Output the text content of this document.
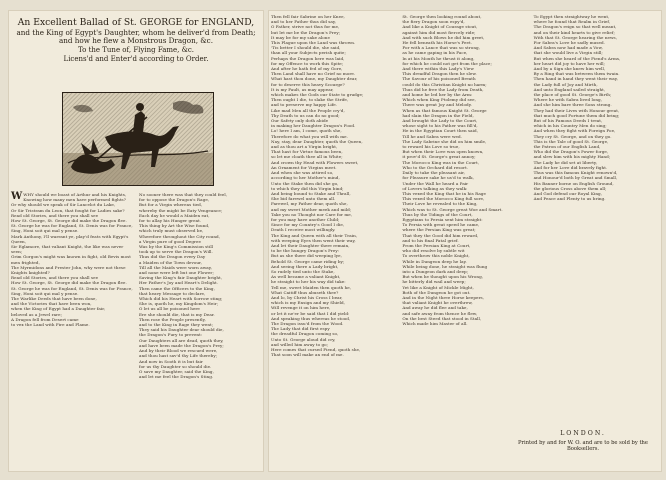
An Excellent Ballad of St. GEORGE for ENGLAND,
and the King of Egypt's Daughter, whom he deliver'd from Death;
and how he flew a Monstrous Dragon, &c.
To the Tune of, Flying Fame, &c.
Licens'd and Enter'd according to Order.
W WHY should we boast of Arthur and his Knights,
Knowing how many men have performed fights?
Or why should we speak of Sir Lancelot du Lake,
Or Sir Tristram du Leon, that fought for Ladies sake?
Read old Stories, and there you shall see
How St. George, St. George did make the Dragon flee.
St. George he was for England, St. Denis was for France,
Sing, Honi soit qui mal y pense.
Mark Anthony, I'll warrant ye, play'd feats with Egypt's Queen,
Sir Eglamore, that valiant Knight, the like was never seen;
Grim Gorgon's might was known in fight, old Bevis most men frighted,
The Myrmidons and Prester John, why were not these Knights knighted?
Read old Stories, and there you shall see
How St. George, St. George did make the Dragon flee.
St. George he was for England, St. Denis was for France,
Sing, Honi soit qui mal y pense.
The Warlike Deeds that have been done,
and the Victories that have been won,
when the King of Egypt had a Daughter fair,
beloved as a Jewel rare;
A Dragon fell from Desert came
to vex the Land with Fire and Flame.
No sooner there was that they could feel,
for to oppose the Dragon's Rage,
But for a Virgin whereas tied,
whereby the might be Eaty Vengeance;
Each day he would a Maiden eat,
for to allay his Hunger great.
This thing by Art the Wise found,
which truly must observed be,
Wherefore throughout the City round,
a Virgin pure of good Degree
Was by the King's Commission still
took up to serve the Dragon's Will.
Thus did the Dragon every Day
a Maiden of the Town devour,
Till all the Maids were worn away,
and none were left but one Flower;
Saving the King's fair Daughter bright,
Her Father's Joy and Heart's Delight.
Then came the Officers to the King,
that heavy Message to declare,
Which did his Heart with Sorrow sting;
She is, quoth he, my Kingdom's Heir;
O let us all be poisoned here
Ere she should die, that is my Dear.
Then rose the People presently,
and to the King in Rage they went;
They said his Daughter dear should die,
the Dragon's Fury to prevent:
Our Daughters all are dead, quoth they,
and have been made the Dragon's Prey;
And by their Blood we rescued were,
and thou hast sav'd thy Life thereby;
And now in Sooth it is but fair
for us thy Daughter so should die.
O save my Daughter, said the King,
and let me feel the Dragon's Sting.
Then fell fair Sabrine on her Knee,
and to her Father thus did say,
O Father, strive not thus for me,
but let me be the Dragon's Prey;
It may be for my sake alone
This Plague upon the Land was thrown.
'Tis better I should die, she said,
than all your Subjects perish quite;
Perhaps the Dragon here was laid,
for my Offence to work this Spite;
And after he hath fed of my Gore,
Then Land shall have no Grief no more.
What hast thou done, my Daughter dear,
for to deserve this heavy Scourge?
It is my Fault, as may appear,
which makes the Gods our State to grudge;
Then ought I die, to slake the Strife,
and to preserve my happy Life.
Like mad Men all the People cry'd,
Thy Death to us can do no good;
Our Safety only doth abide
in making her Daughter Dragon's Food.
Lo! here I am, I come, quoth she,
Therefore do what you will with me.
Nay, stay, dear Daughter, quoth the Queen,
and as thou art a Virgin bright,
That hast for Virtue famous been,
so let me cloath thee all in White;
And crown thy Head with Flowers sweet,
An Ornament for Virgins meet.
And when she was attired so,
according to her Mother's mind,
Unto the Stake then did she go,
to which they did this Virgin bind;
And being bound to Stake and Thrall,
She bid farewel unto them all.
Farewel, my Father dear, quoth she,
and my sweet Mother meek and mild;
Take you no Thought nor Care for me,
for you may have another Child;
Since for my Country's Good I die,
Death I receive most willingly.
The King and Queen with all their Train,
with weeping Eyes then went their way,
And let their Daughter there remain,
to be the hungry Dragon's Prey:
But as she there did weeping lye,
Behold St. George came riding by;
And seeing there a Lady bright,
So rudely tied unto the Stake,
As well became a valiant Knight,
he straight to her his way did take:
Tell me, sweet Maiden then quoth he,
What Caitiff thus abuseth thee?
And lo, by Christ his Cross I bear,
which is my Ensign and my Shield,
Will revenge it on him here,
or let it ne'er be said that I did yield:
And speaking thus whereas he stood,
The Dragon issu'd from the Wood.
The Lady that did first espy
the dreadful Dragon coming so,
Unto St. George aloud did cry,
and willed him away to go;
Here comes that cursed Fiend, quoth she,
That soon will make an end of me.
St. George then looking round about,
the fiery Dragon soon espy'd,
And like a Knight of Courage stout,
against him did most fiercely ride;
And with such Blows he did him greet,
He fell beneath his Horse's Feet.
For with a Lance that was so strong,
as he came gaping in his Face,
In at his Mouth he thrust it along,
for which he could not get from the place;
And there within this Lady's View
This dreadful Dragon then he slew.
The Savour of his poisoned Breath
could do this Christian Knight no harm;
Thus did he free the Lady from Death,
and home he led her by the Arm:
Which when King Ptolemy did see,
There was great Joy and Melody.
When as that famous Knight St. George
had slain the Dragon in the Field,
And brought the Lady to the Court,
whose sight to his Father was fill'd,
He in the Egyptian Court then said,
Till he and Sabra were wed.
The Lady Sabrine she did on him smile,
to reward his Love so true,
But when their Love was open known,
it prov'd St. George's great annoy;
The Morocco King was in the Court,
Who to the Orchard did resort.
Daily to take the pleasant air,
for Pleasure sake he us'd to walk,
Under the Wall he heard a Pair
of Lovers talking as they walk:
This vexed the King that he in his Rage
This vexed the Morocco King full sore,
Their Love he revealed to the King,
Which was to St. George great Woe and Smart.
Thus by the Tidings of the Court,
Egyptians to Persia sent him straight:
To Persia with great speed he came,
where the Persian King was great;
That they the Good did him reward,
and to his final Fatal grief.
From the Persian King at Court,
who did resolve by subtle wit
To overthrow this noble Knight,
While in Dungeon deep he lay.
While being done, he straight was flung
into a Dungeon dark and deep;
But when he thought upon his Wrong,
he bitterly did wail and weep;
Yet like a Knight of Mickle Might,
Both of the Dungeon he got out.
And in the Night three Horse keepers,
that valiant Knight he overthrew,
And away he did flee and take,
and safe away from thence he flew,
On the best Steed that stood in Stall,
Which made him Master of all.
To Egypt then straightway he went,
where he found that Realm in Grief,
The Dragon's reign so that well meant,
and on their kind hearts to give relief;
With that St. George hearing the news,
For Sabra's Love he sadly mused.
And Sabra now had made a Vow,
that she would live a Virgin still;
But when she heard of the Fiend's Arms,
her heart did joy to have her will;
And by a Sign she knew him well,
By a Ring that was between them twain.
Then hand in hand they went their way,
the Lady full of Joy and Mirth,
And unto England sailed straight,
the place of good St. George's Birth;
Where he with Sabra lived long,
And she him bare three Sons strong.
They had their Lives with Honour great,
that much good Fortune them did bring;
But of his Famous Deeds I treat,
which in his Country Men do sing;
And when they fight with Foreign Foe,
They cry St. George, and on they go.
This is the Tale of good St. George,
the Patron of our English Land,
Who did the Dragon's Power forge,
and slew him with his mighty Hand;
The Lady he did set at liberty,
And for her Love did bravely fight.
Thus was this famous Knight renown'd,
and Honour'd both by Great and Small,
His Banner borne on English Ground,
the glorious Cross above them all;
And God defend our Royal King,
And Peace and Plenty to us bring.
LONDON.
Printed by and for W. O. and are to be sold by the Booksellers.
